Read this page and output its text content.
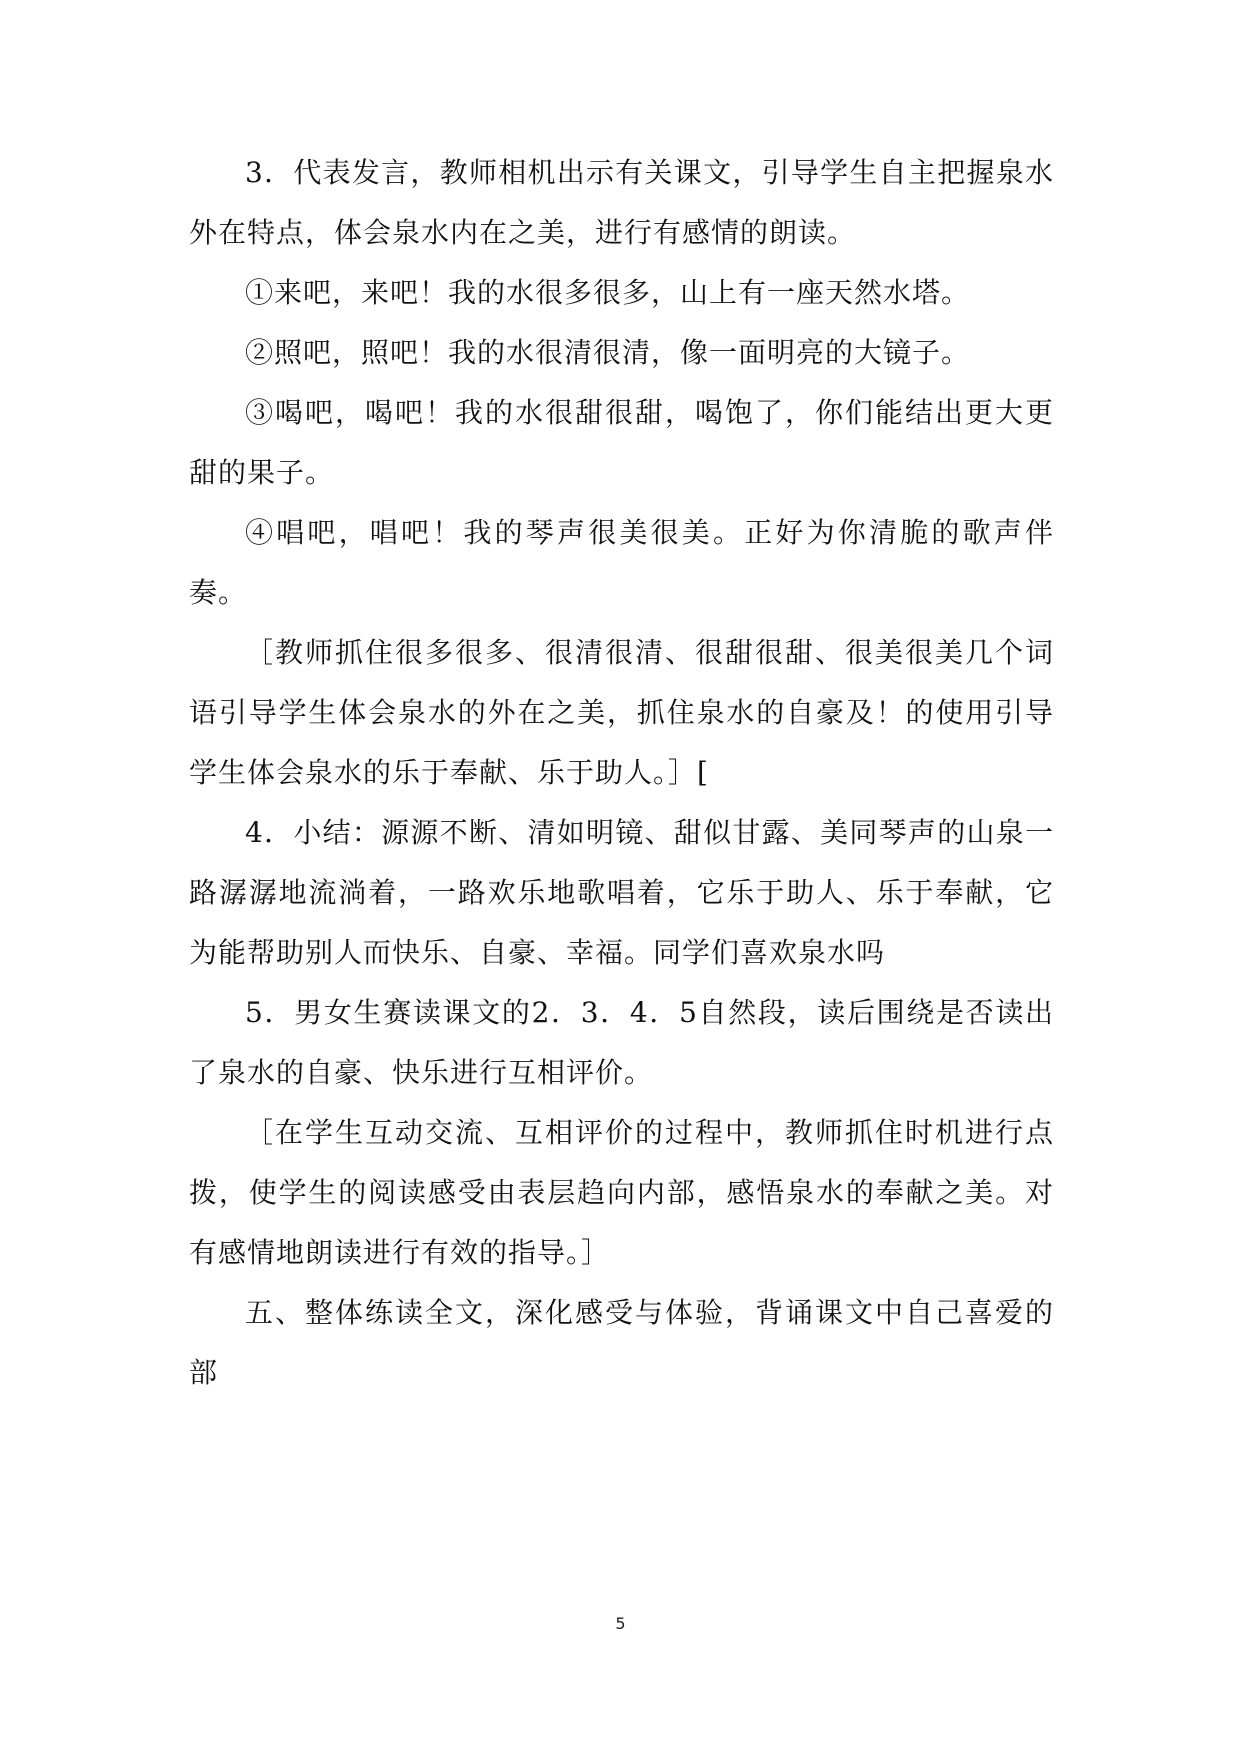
3．代表发言，教师相机出示有关课文，引导学生自主把握泉水外在特点，体会泉水内在之美，进行有感情的朗读。

①来吧，来吧！我的水很多很多，山上有一座天然水塔。

②照吧，照吧！我的水很清很清，像一面明亮的大镜子。

③喝吧，喝吧！我的水很甜很甜，喝饱了，你们能结出更大更甜的果子。

④唱吧，唱吧！我的琴声很美很美。正好为你清脆的歌声伴奏。

［教师抓住很多很多、很清很清、很甜很甜、很美很美几个词语引导学生体会泉水的外在之美，抓住泉水的自豪及！的使用引导学生体会泉水的乐于奉献、乐于助人。］[

4．小结：源源不断、清如明镜、甜似甘露、美同琴声的山泉一路潺潺地流淌着，一路欢乐地歌唱着，它乐于助人、乐于奉献，它为能帮助别人而快乐、自豪、幸福。同学们喜欢泉水吗

5．男女生赛读课文的2．3．4．5自然段，读后围绕是否读出了泉水的自豪、快乐进行互相评价。

［在学生互动交流、互相评价的过程中，教师抓住时机进行点拨，使学生的阅读感受由表层趋向内部，感悟泉水的奉献之美。对有感情地朗读进行有效的指导。］

五、整体练读全文，深化感受与体验，背诵课文中自己喜爱的部

5
